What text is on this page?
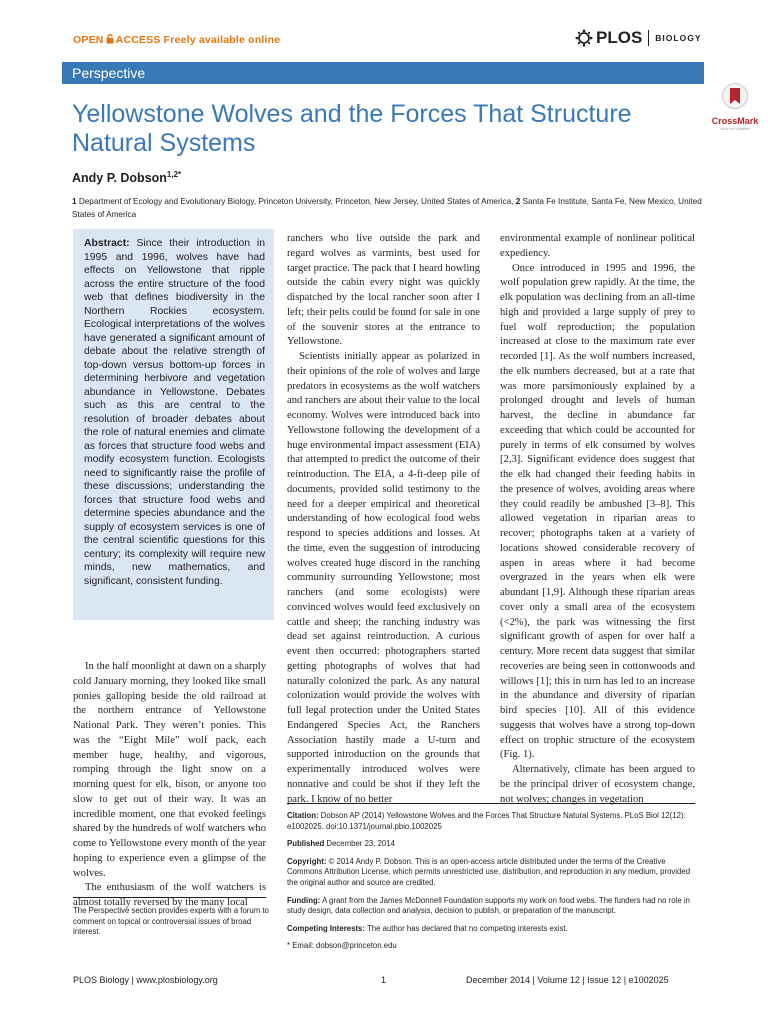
OPEN ACCESS Freely available online	PLOS BIOLOGY
Perspective
Yellowstone Wolves and the Forces That Structure Natural Systems
CrossMark
click for updates
Andy P. Dobson$^{1,2*}$
1 Department of Ecology and Evolutionary Biology, Princeton University, Princeton, New Jersey, United States of America, 2 Santa Fe Institute, Santa Fe, New Mexico, United States of America

Abstract: Since their introduction in 1995 and 1996, wolves have had effects on Yellowstone that ripple across the entire structure of the food web that defines biodiversity in the Northern Rockies ecosystem. Ecological interpretations of the wolves have generated a significant amount of debate about the relative strength of top-down versus bottom-up forces in determining herbivore and vegetation abundance in Yellowstone. Debates such as this are central to the resolution of broader debates about the role of natural enemies and climate as forces that structure food webs and modify ecosystem function. Ecologists need to significantly raise the profile of these discussions; understanding the forces that structure food webs and determine species abundance and the supply of ecosystem services is one of the central scientific questions for this century; its complexity will require new minds, new mathematics, and significant, consistent funding.

In the half moonlight at dawn on a sharply cold January morning, they looked like small ponies galloping beside the old railroad at the northern entrance of Yellowstone National Park. They weren’t ponies. This was the “Eight Mile” wolf pack, each member huge, healthy, and vigorous, romping through the light snow on a morning quest for elk, bison, or anyone too slow to get out of their way. It was an incredible moment, one that evoked feelings shared by the hundreds of wolf watchers who come to Yellowstone every month of the year hoping to experience even a glimpse of the wolves.

The enthusiasm of the wolf watchers is almost totally reversed by the many local

ranchers who live outside the park and regard wolves as varmints, best used for target practice. The pack that I heard howling outside the cabin every night was quickly dispatched by the local rancher soon after I left; their pelts could be found for sale in one of the souvenir stores at the entrance to Yellowstone.

Scientists initially appear as polarized in their opinions of the role of wolves and large predators in ecosystems as the wolf watchers and ranchers are about their value to the local economy. Wolves were introduced back into Yellowstone following the development of a huge environmental impact assessment (EIA) that attempted to predict the outcome of their reintroduction. The EIA, a 4-ft-deep pile of documents, provided solid testimony to the need for a deeper empirical and theoretical understanding of how ecological food webs respond to species additions and losses. At the time, even the suggestion of introducing wolves created huge discord in the ranching community surrounding Yellowstone; most ranchers (and some ecologists) were convinced wolves would feed exclusively on cattle and sheep; the ranching industry was dead set against reintroduction. A curious event then occurred: photographers started getting photographs of wolves that had naturally colonized the park. As any natural colonization would provide the wolves with full legal protection under the United States Endangered Species Act, the Ranchers Association hastily made a U-turn and supported introduction on the grounds that experimentally introduced wolves were nonnative and could be shot if they left the park. I know of no better

environmental example of nonlinear political expediency.

Once introduced in 1995 and 1996, the wolf population grew rapidly. At the time, the elk population was declining from an all-time high and provided a large supply of prey to fuel wolf reproduction; the population increased at close to the maximum rate ever recorded [1]. As the wolf numbers increased, the elk numbers decreased, but at a rate that was more parsimoniously explained by a prolonged drought and levels of human harvest, the decline in abundance far exceeding that which could be accounted for purely in terms of elk consumed by wolves [2,3]. Significant evidence does suggest that the elk had changed their feeding habits in the presence of wolves, avoiding areas where they could readily be ambushed [3–8]. This allowed vegetation in riparian areas to recover; photographs taken at a variety of locations showed considerable recovery of aspen in areas where it had become overgrazed in the years when elk were abundant [1,9]. Although these riparian areas cover only a small area of the ecosystem (<2%), the park was witnessing the first significant growth of aspen for over half a century. More recent data suggest that similar recoveries are being seen in cottonwoods and willows [1]; this in turn has led to an increase in the abundance and diversity of riparian bird species [10]. All of this evidence suggests that wolves have a strong top-down effect on trophic structure of the ecosystem (Fig. 1).

Alternatively, climate has been argued to be the principal driver of ecosystem change, not wolves; changes in vegetation

The Perspective section provides experts with a forum to comment on topical or controversial issues of broad interest.

Citation: Dobson AP (2014) Yellowstone Wolves and the Forces That Structure Natural Systems. PLoS Biol 12(12): e1002025. doi:10.1371/journal.pbio.1002025

Published December 23, 2014

Copyright: © 2014 Andy P. Dobson. This is an open-access article distributed under the terms of the Creative Commons Attribution License, which permits unrestricted use, distribution, and reproduction in any medium, provided the original author and source are credited.

Funding: A grant from the James McDonnell Foundation supports my work on food webs. The funders had no role in study design, data collection and analysis, decision to publish, or preparation of the manuscript.

Competing Interests: The author has declared that no competing interests exist.

* Email: dobson@princeton.edu

PLOS Biology | www.plosbiology.org	1	December 2014 | Volume 12 | Issue 12 | e1002025
